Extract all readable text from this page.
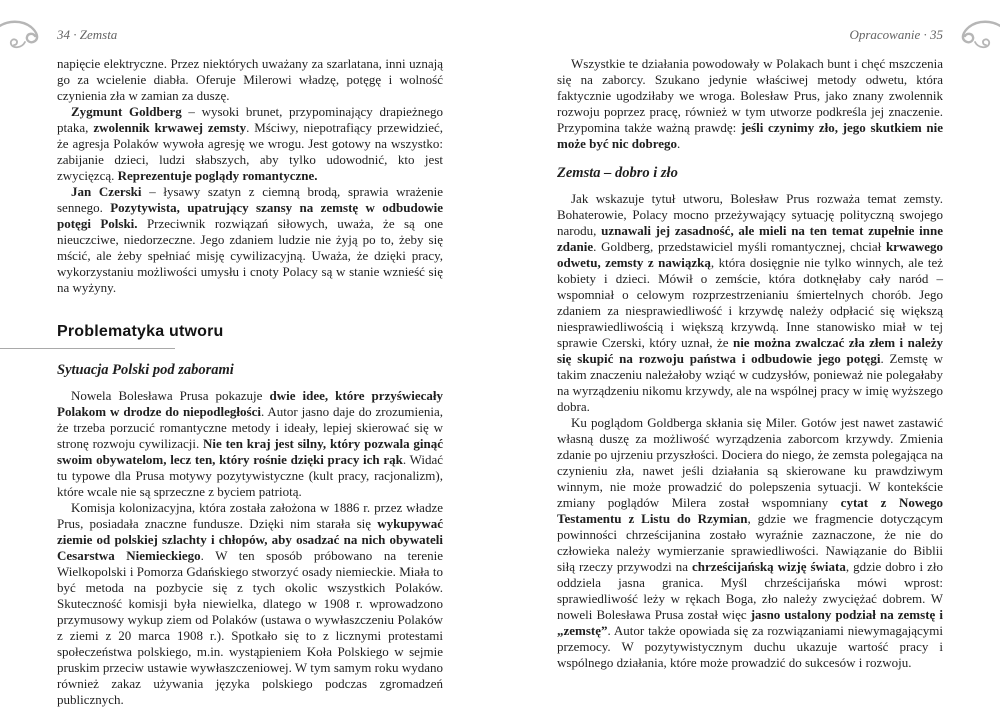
34 · Zemsta	Opracowanie · 35

napięcie elektryczne. Przez niektórych uważany za szarlatana, inni uznają go za wcielenie diabła. Oferuje Milerowi władzę, potęgę i wolność czynienia zła w zamian za duszę.

Zygmunt Goldberg – wysoki brunet, przypominający drapieżnego ptaka, zwolennik krwawej zemsty. Mściwy, niepotrafiący przewidzieć, że agresja Polaków wywoła agresję we wrogu. Jest gotowy na wszystko: zabijanie dzieci, ludzi słabszych, aby tylko udowodnić, kto jest zwycięzcą. Reprezentuje poglądy romantyczne.

Jan Czerski – łysawy szatyn z ciemną brodą, sprawia wrażenie sennego. Pozytywista, upatrujący szansy na zemstę w odbudowie potęgi Polski. Przeciwnik rozwiązań siłowych, uważa, że są one nieuczciwe, niedorzeczne. Jego zdaniem ludzie nie żyją po to, żeby się mścić, ale żeby spełniać misję cywilizacyjną. Uważa, że dzięki pracy, wykorzystaniu możliwości umysłu i cnoty Polacy są w stanie wznieść się na wyżyny.

Problematyka utworu
Sytuacja Polski pod zaborami

Nowela Bolesława Prusa pokazuje dwie idee, które przyświecały Polakom w drodze do niepodległości. Autor jasno daje do zrozumienia, że trzeba porzucić romantyczne metody i ideały, lepiej skierować się w stronę rozwoju cywilizacji. Nie ten kraj jest silny, który pozwala ginąć swoim obywatelom, lecz ten, który rośnie dzięki pracy ich rąk. Widać tu typowe dla Prusa motywy pozytywistyczne (kult pracy, racjonalizm), które wcale nie są sprzeczne z byciem patriotą.

Komisja kolonizacyjna, która została założona w 1886 r. przez władze Prus, posiadała znaczne fundusze. Dzięki nim starała się wykupywać ziemie od polskiej szlachty i chłopów, aby osadzać na nich obywateli Cesarstwa Niemieckiego. W ten sposób próbowano na terenie Wielkopolski i Pomorza Gdańskiego stworzyć osady niemieckie. Miała to być metoda na pozbycie się z tych okolic wszystkich Polaków. Skuteczność komisji była niewielka, dlatego w 1908 r. wprowadzono przymusowy wykup ziem od Polaków (ustawa o wywłaszczeniu Polaków z ziemi z 20 marca 1908 r.). Spotkało się to z licznymi protestami społeczeństwa polskiego, m.in. wystąpieniem Koła Polskiego w sejmie pruskim przeciw ustawie wywłaszczeniowej. W tym samym roku wydano również zakaz używania języka polskiego podczas zgromadzeń publicznych.

Wszystkie te działania powodowały w Polakach bunt i chęć mszczenia się na zaborcy. Szukano jedynie właściwej metody odwetu, która faktycznie ugodziłaby we wroga. Bolesław Prus, jako znany zwolennik rozwoju poprzez pracę, również w tym utworze podkreśla jej znaczenie. Przypomina także ważną prawdę: jeśli czynimy zło, jego skutkiem nie może być nic dobrego.

Zemsta – dobro i zło

Jak wskazuje tytuł utworu, Bolesław Prus rozważa temat zemsty. Bohaterowie, Polacy mocno przeżywający sytuację polityczną swojego narodu, uznawali jej zasadność, ale mieli na ten temat zupełnie inne zdanie. Goldberg, przedstawiciel myśli romantycznej, chciał krwawego odwetu, zemsty z nawiązką, która dosięgnie nie tylko winnych, ale też kobiety i dzieci. Mówił o zemście, która dotknęłaby cały naród – wspomniał o celowym rozprzestrzenianiu śmiertelnych chorób. Jego zdaniem za niesprawiedliwość i krzywdę należy odpłacić się większą niesprawiedliwością i większą krzywdą. Inne stanowisko miał w tej sprawie Czerski, który uznał, że nie można zwalczać zła złem i należy się skupić na rozwoju państwa i odbudowie jego potęgi. Zemstę w takim znaczeniu należałoby wziąć w cudzysłów, ponieważ nie polegałaby na wyrządzeniu nikomu krzywdy, ale na wspólnej pracy w imię wyższego dobra.

Ku poglądom Goldberga skłania się Miler. Gotów jest nawet zastawić własną duszę za możliwość wyrządzenia zaborcom krzywdy. Zmienia zdanie po ujrzeniu przyszłości. Dociera do niego, że zemsta polegająca na czynieniu zła, nawet jeśli działania są skierowane ku prawdziwym winnym, nie może prowadzić do polepszenia sytuacji. W kontekście zmiany poglądów Milera został wspomniany cytat z Nowego Testamentu z Listu do Rzymian, gdzie we fragmencie dotyczącym powinności chrześcijanina zostało wyraźnie zaznaczone, że nie do człowieka należy wymierzanie sprawiedliwości. Nawiązanie do Biblii siłą rzeczy przywodzi na chrześcijańską wizję świata, gdzie dobro i zło oddziela jasna granica. Myśl chrześcijańska mówi wprost: sprawiedliwość leży w rękach Boga, zło należy zwyciężać dobrem. W noweli Bolesława Prusa został więc jasno ustalony podział na zemstę i „zemstę”. Autor także opowiada się za rozwiązaniami niewymagającymi przemocy. W pozytywistycznym duchu ukazuje wartość pracy i wspólnego działania, które może prowadzić do sukcesów i rozwoju.
